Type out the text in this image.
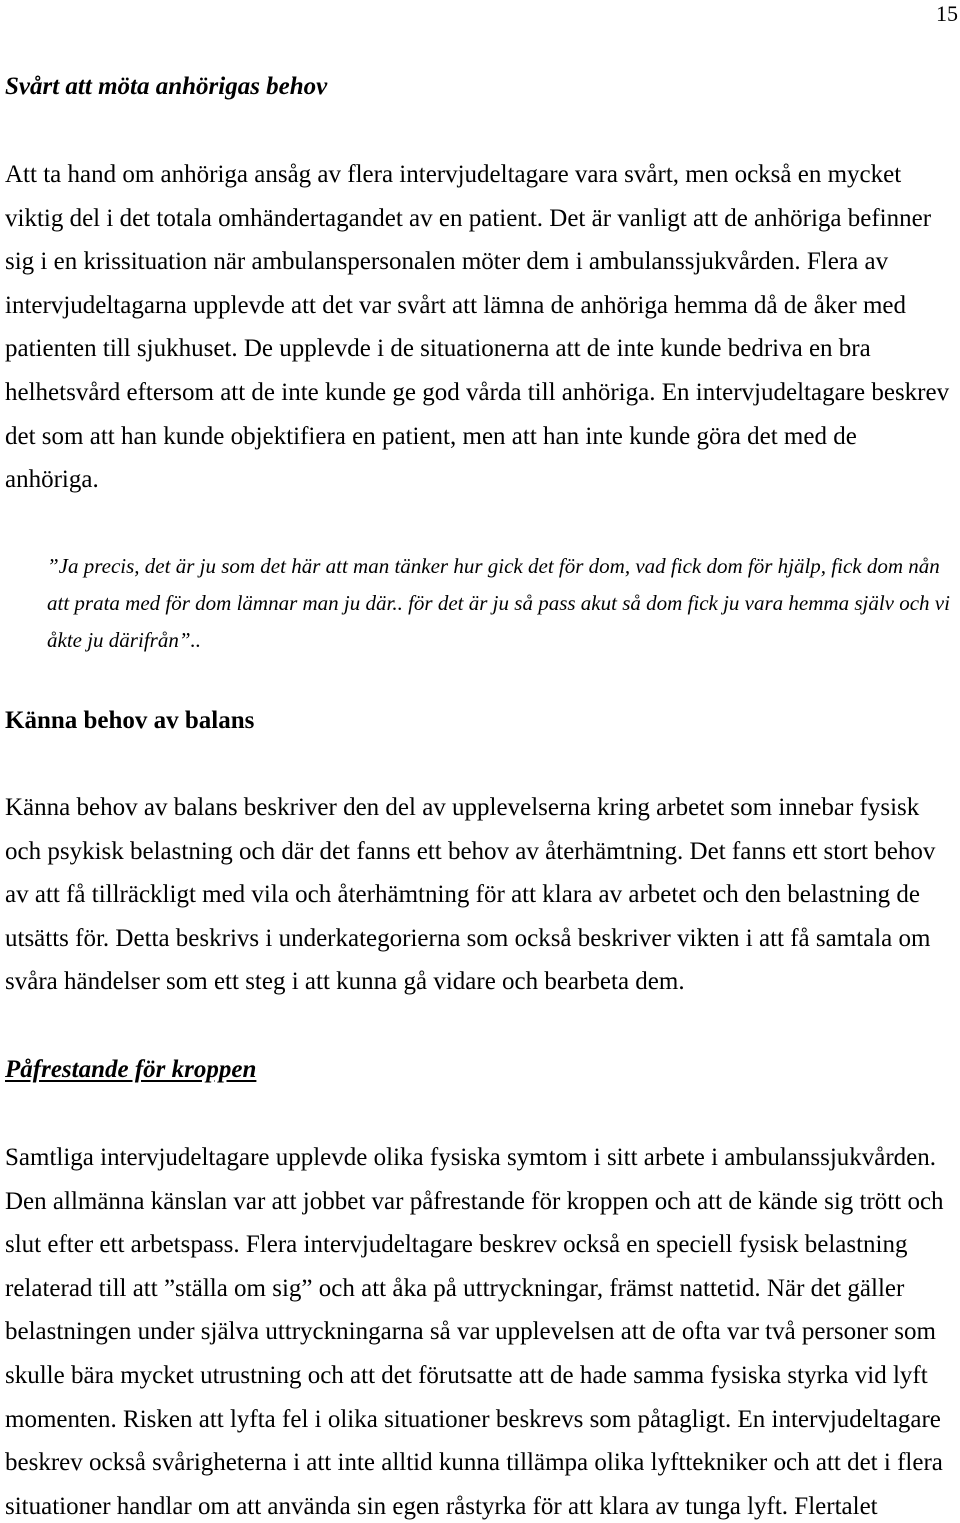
15
Svårt att möta anhörigas behov
Att ta hand om anhöriga ansåg av flera intervjudeltagare vara svårt, men också en mycket
viktig del i det totala omhändertagandet av en patient. Det är vanligt att de anhöriga befinner
sig i en krissituation när ambulanspersonalen möter dem i ambulanssjukvården. Flera av
intervjudeltagarna upplevde att det var svårt att lämna de anhöriga hemma då de åker med
patienten till sjukhuset. De upplevde i de situationerna att de inte kunde bedriva en bra
helhetsvård eftersom att de inte kunde ge god vårda till anhöriga. En intervjudeltagare beskrev
det som att han kunde objektifiera en patient, men att han inte kunde göra det med de
anhöriga.
”Ja precis, det är ju som det här att man tänker hur gick det för dom, vad fick dom för hjälp, fick dom nån
att prata med för dom lämnar man ju där.. för det är ju så pass akut så dom fick ju vara hemma själv och vi
åkte ju därifrån”..
Känna behov av balans
Känna behov av balans beskriver den del av upplevelserna kring arbetet som innebar fysisk
och psykisk belastning och där det fanns ett behov av återhämtning. Det fanns ett stort behov
av att få tillräckligt med vila och återhämtning för att klara av arbetet och den belastning de
utsätts för. Detta beskrivs i underkategorierna som också beskriver vikten i att få samtala om
svåra händelser som ett steg i att kunna gå vidare och bearbeta dem.
Påfrestande för kroppen
Samtliga intervjudeltagare upplevde olika fysiska symtom i sitt arbete i ambulanssjukvården.
Den allmänna känslan var att jobbet var påfrestande för kroppen och att de kände sig trött och
slut efter ett arbetspass. Flera intervjudeltagare beskrev också en speciell fysisk belastning
relaterad till att ”ställa om sig” och att åka på uttryckningar, främst nattetid. När det gäller
belastningen under själva uttryckningarna så var upplevelsen att de ofta var två personer som
skulle bära mycket utrustning och att det förutsatte att de hade samma fysiska styrka vid lyft
momenten. Risken att lyfta fel i olika situationer beskrevs som påtagligt. En intervjudeltagare
beskrev också svårigheterna i att inte alltid kunna tillämpa olika lyfttekniker och att det i flera
situationer handlar om att använda sin egen råstyrka för att klara av tunga lyft. Flertalet
